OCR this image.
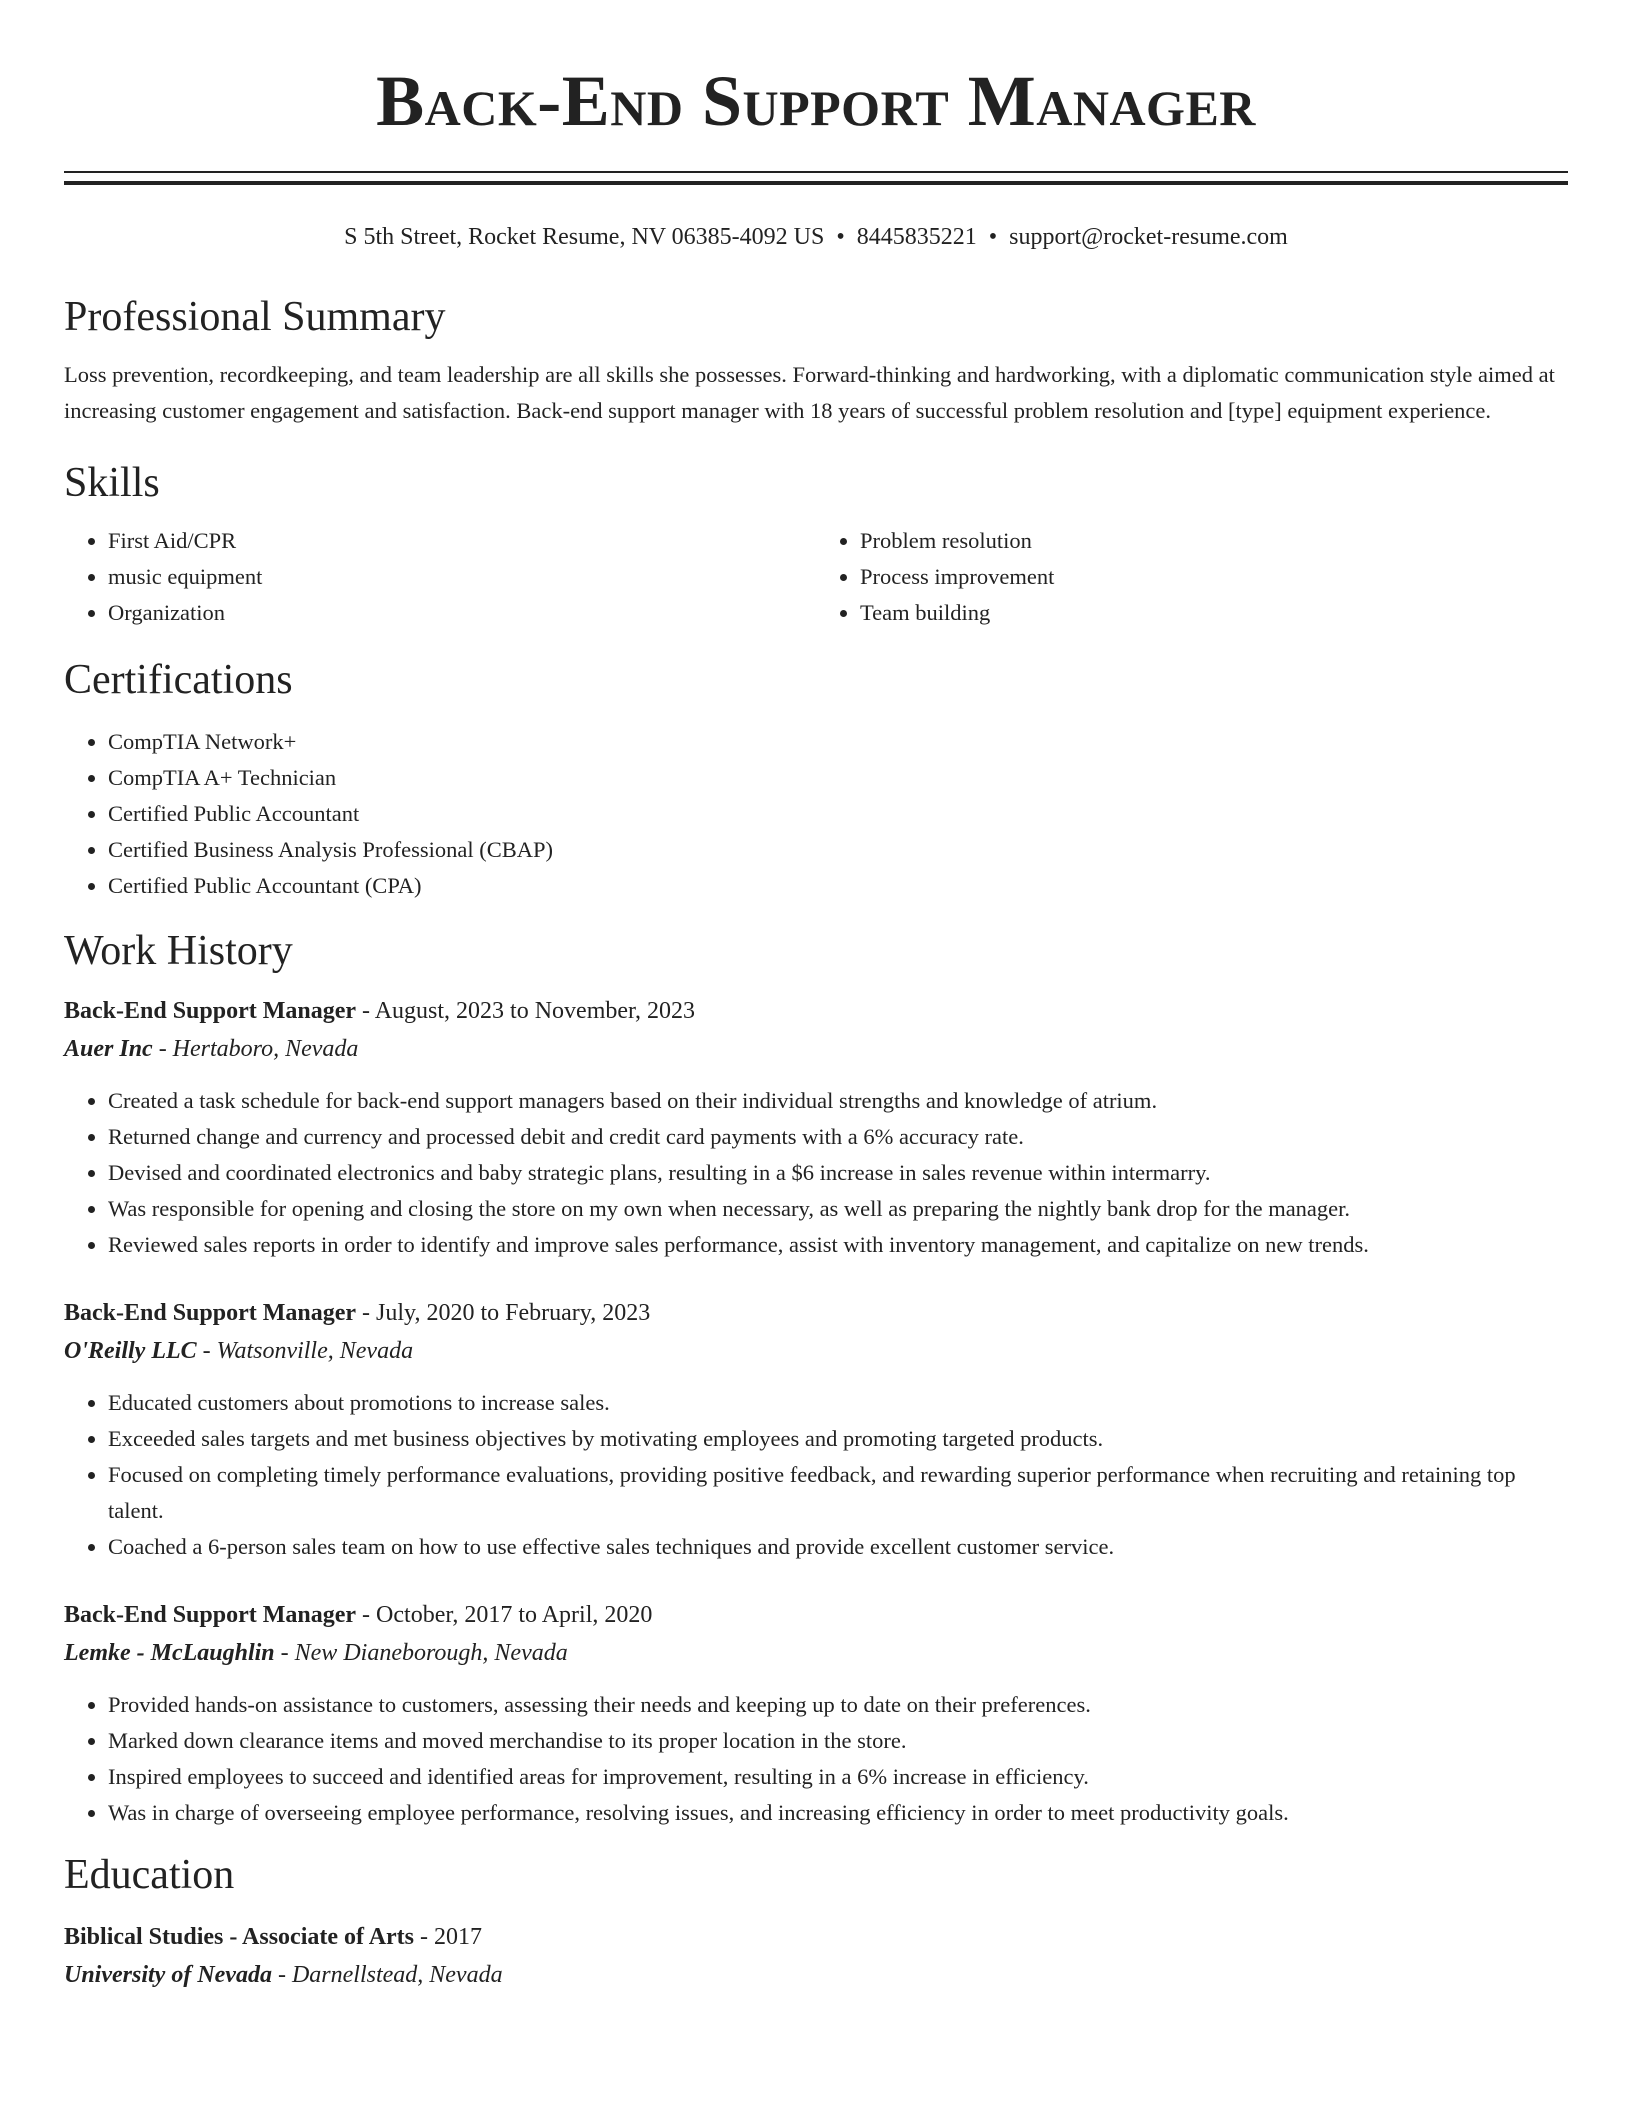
Back-End Support Manager
S 5th Street, Rocket Resume, NV 06385-4092 US • 8445835221 • support@rocket-resume.com
Professional Summary

Loss prevention, recordkeeping, and team leadership are all skills she possesses. Forward-thinking and hardworking, with a diplomatic communication style aimed at increasing customer engagement and satisfaction. Back-end support manager with 18 years of successful problem resolution and [type] equipment experience.

Skills
• First Aid/CPR
• music equipment
• Organization
• Problem resolution
• Process improvement
• Team building
Certifications
• CompTIA Network+
• CompTIA A+ Technician
• Certified Public Accountant
• Certified Business Analysis Professional (CBAP)
• Certified Public Accountant (CPA)
Work History
Back-End Support Manager - August, 2023 to November, 2023
Auer Inc - Hertaboro, Nevada
• Created a task schedule for back-end support managers based on their individual strengths and knowledge of atrium.
• Returned change and currency and processed debit and credit card payments with a 6% accuracy rate.
• Devised and coordinated electronics and baby strategic plans, resulting in a $6 increase in sales revenue within intermarry.
• Was responsible for opening and closing the store on my own when necessary, as well as preparing the nightly bank drop for the manager.
• Reviewed sales reports in order to identify and improve sales performance, assist with inventory management, and capitalize on new trends.
Back-End Support Manager - July, 2020 to February, 2023
O'Reilly LLC - Watsonville, Nevada
• Educated customers about promotions to increase sales.
• Exceeded sales targets and met business objectives by motivating employees and promoting targeted products.
• Focused on completing timely performance evaluations, providing positive feedback, and rewarding superior performance when recruiting and retaining top talent.
• Coached a 6-person sales team on how to use effective sales techniques and provide excellent customer service.
Back-End Support Manager - October, 2017 to April, 2020
Lemke - McLaughlin - New Dianeborough, Nevada
• Provided hands-on assistance to customers, assessing their needs and keeping up to date on their preferences.
• Marked down clearance items and moved merchandise to its proper location in the store.
• Inspired employees to succeed and identified areas for improvement, resulting in a 6% increase in efficiency.
• Was in charge of overseeing employee performance, resolving issues, and increasing efficiency in order to meet productivity goals.
Education
Biblical Studies - Associate of Arts - 2017
University of Nevada - Darnellstead, Nevada
